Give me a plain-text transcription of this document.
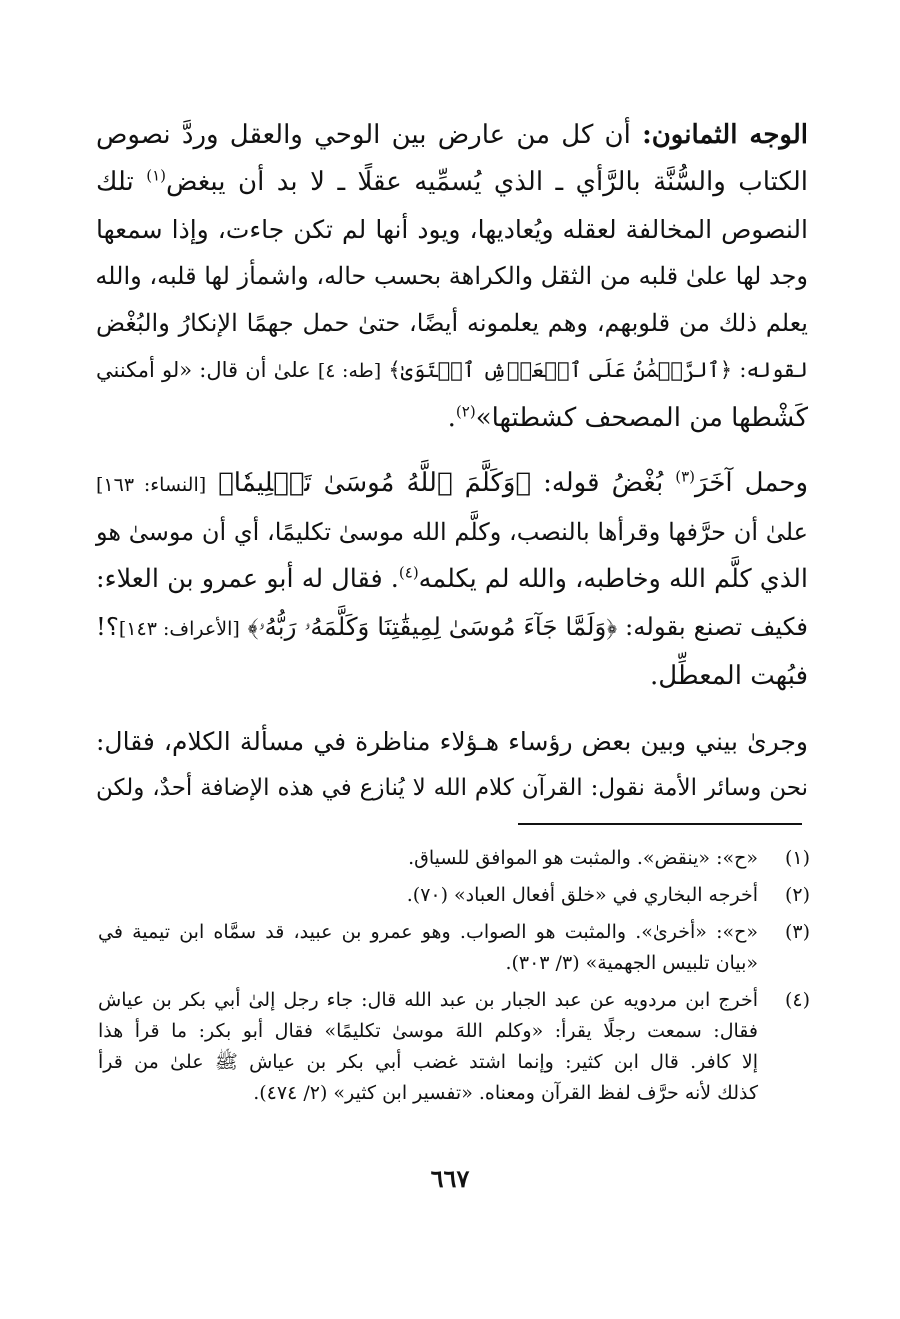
الوجه الثمانون: أن كل من عارض بين الوحي والعقل وردَّ نصوص
الكتاب والسُّنَّة بالرَّأي ـ الذي يُسمِّيه عقلًا ـ لا بد أن يبغض$^{(١)}$ تلك
النصوص المخالفة لعقله ويُعاديها، ويود أنها لم تكن جاءت، وإذا سمعها
وجد لها علىٰ قلبه من الثقل والكراهة بحسب حاله، واشمأز لها قلبه، والله
يعلم ذلك من قلوبهم، وهم يعلمونه أيضًا، حتىٰ حمل جهمًا الإنكارُ والبُغْض
لقوله: ﴿ٱلرَّحۡمَٰنُ عَلَى ٱلۡعَرۡشِ ٱسۡتَوَىٰ﴾ [طه: ٤] علىٰ أن قال: «لو أمكنني
كَشْطها من المصحف كشطتها»$^{(٢)}$.
وحمل آخَرَ$^{(٣)}$ بُغْضُ قوله: ﴿وَكَلَّمَ ٱللَّهُ مُوسَىٰ تَكۡلِيمٗا﴾ [النساء: ١٦٣]
علىٰ أن حرَّفها وقرأها بالنصب، وكلَّم الله موسىٰ تكليمًا، أي أن موسىٰ هو
الذي كلَّم الله وخاطبه، والله لم يكلمه$^{(٤)}$. فقال له أبو عمرو بن العلاء:
فكيف تصنع بقوله: ﴿وَلَمَّا جَآءَ مُوسَىٰ لِمِيقَٰتِنَا وَكَلَّمَهُۥ رَبُّهُۥ﴾ [الأعراف: ١٤٣]؟!
فبُهت المعطِّل.
وجرىٰ بيني وبين بعض رؤساء هـؤلاء مناظرة في مسألة الكلام، فقال:
نحن وسائر الأمة نقول: القرآن كلام الله لا يُنازع في هذه الإضافة أحدٌ، ولكن
(١)
«ح»: «ينقض». والمثبت هو الموافق للسياق.
(٢)
أخرجه البخاري في «خلق أفعال العباد» (٧٠).
(٣)
«ح»: «أخرىٰ». والمثبت هو الصواب. وهو عمرو بن عبيد، قد سمَّاه ابن تيمية في
«بيان تلبيس الجهمية» (٣/ ٣٠٣).
(٤)
أخرج ابن مردويه عن عبد الجبار بن عبد الله قال: جاء رجل إلىٰ أبي بكر بن عياش
فقال: سمعت رجلًا يقرأ: «وكلم اللهَ موسىٰ تكليمًا» فقال أبو بكر: ما قرأ هذا
إلا كافر. قال ابن كثير: وإنما اشتد غضب أبي بكر بن عياش ﷺ علىٰ من قرأ
كذلك لأنه حرَّف لفظ القرآن ومعناه. «تفسير ابن كثير» (٢/ ٤٧٤).
٦٦٧
